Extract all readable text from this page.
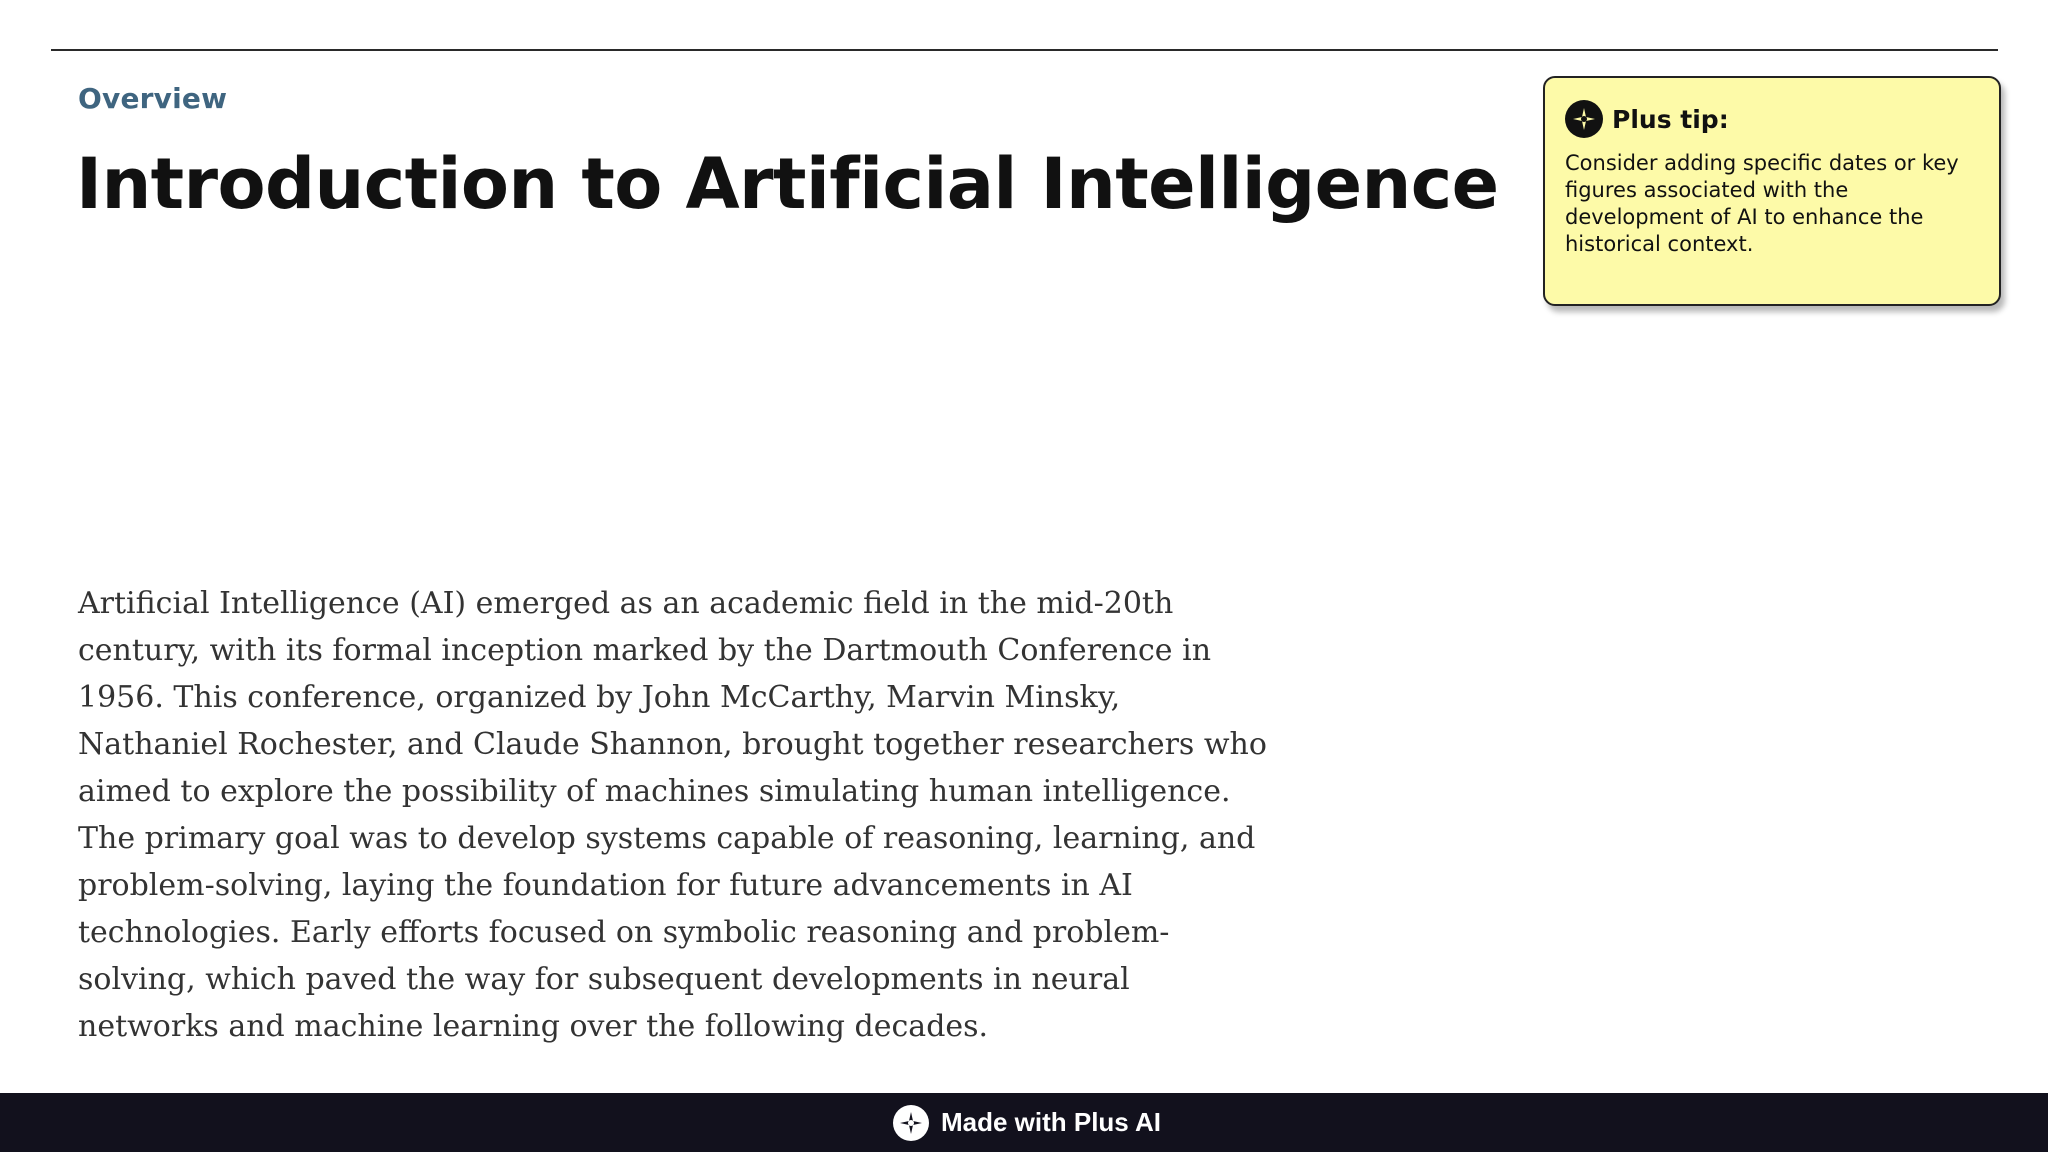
Overview
Introduction to Artificial Intelligence

Artificial Intelligence (AI) emerged as an academic field in the mid-20th century, with its formal inception marked by the Dartmouth Conference in 1956. This conference, organized by John McCarthy, Marvin Minsky, Nathaniel Rochester, and Claude Shannon, brought together researchers who aimed to explore the possibility of machines simulating human intelligence. The primary goal was to develop systems capable of reasoning, learning, and problem-solving, laying the foundation for future advancements in AI technologies. Early efforts focused on symbolic reasoning and problem-solving, which paved the way for subsequent developments in neural networks and machine learning over the following decades.

Plus tip:

Consider adding specific dates or key figures associated with the development of AI to enhance the historical context.

Made with Plus AI
